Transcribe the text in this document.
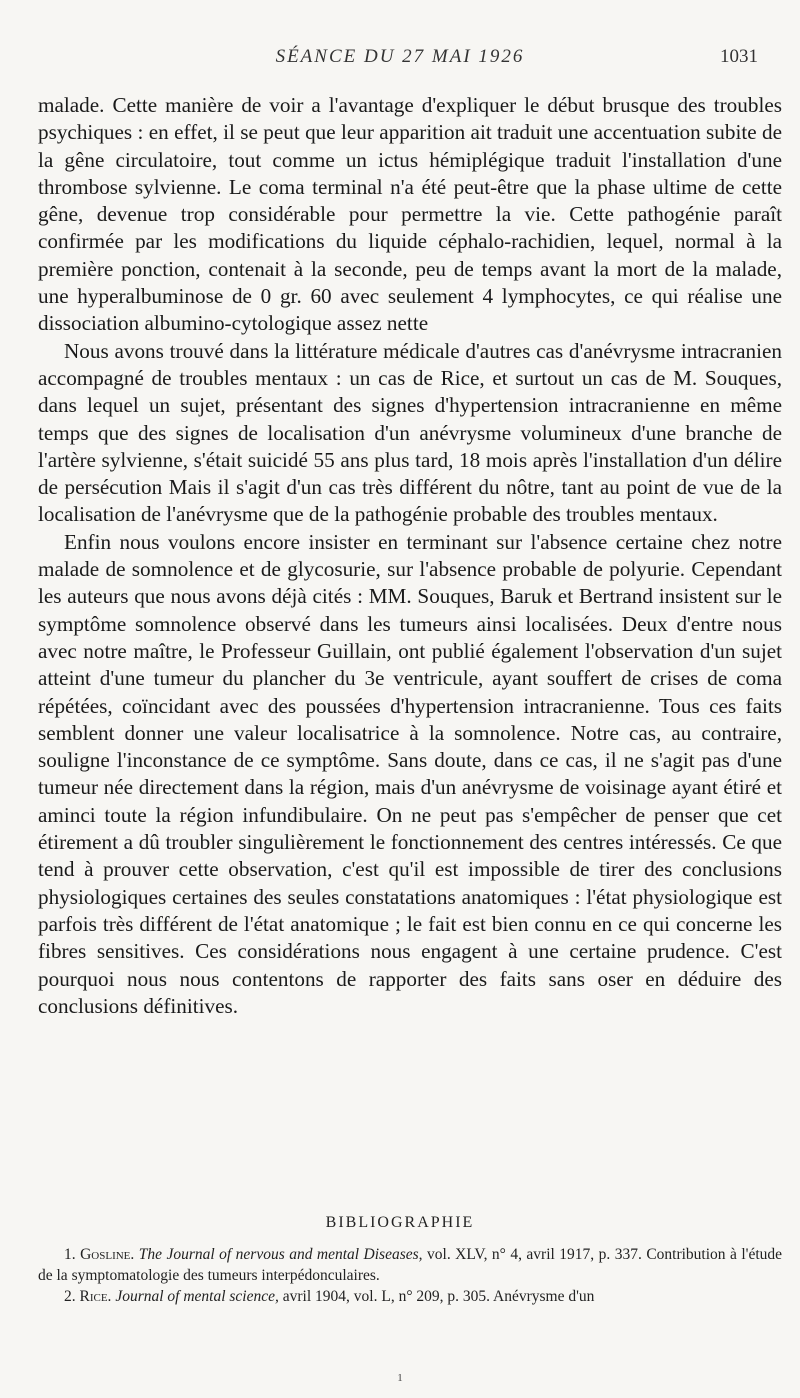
SÉANCE DU 27 MAI 1926	1031

malade. Cette manière de voir a l'avantage d'expliquer le début brusque des troubles psychiques : en effet, il se peut que leur apparition ait traduit une accentuation subite de la gêne circulatoire, tout comme un ictus hémiplégique traduit l'installation d'une thrombose sylvienne. Le coma terminal n'a été peut-être que la phase ultime de cette gêne, devenue trop considérable pour permettre la vie. Cette pathogénie paraît confirmée par les modifications du liquide céphalo-rachidien, lequel, normal à la première ponction, contenait à la seconde, peu de temps avant la mort de la malade, une hyperalbuminose de 0 gr. 60 avec seulement 4 lymphocytes, ce qui réalise une dissociation albumino-cytologique assez nette

Nous avons trouvé dans la littérature médicale d'autres cas d'anévrysme intracranien accompagné de troubles mentaux : un cas de Rice, et surtout un cas de M. Souques, dans lequel un sujet, présentant des signes d'hypertension intracranienne en même temps que des signes de localisation d'un anévrysme volumineux d'une branche de l'artère sylvienne, s'était suicidé 55 ans plus tard, 18 mois après l'installation d'un délire de persécution Mais il s'agit d'un cas très différent du nôtre, tant au point de vue de la localisation de l'anévrysme que de la pathogénie probable des troubles mentaux.

Enfin nous voulons encore insister en terminant sur l'absence certaine chez notre malade de somnolence et de glycosurie, sur l'absence probable de polyurie. Cependant les auteurs que nous avons déjà cités : MM. Souques, Baruk et Bertrand insistent sur le symptôme somnolence observé dans les tumeurs ainsi localisées. Deux d'entre nous avec notre maître, le Professeur Guillain, ont publié également l'observation d'un sujet atteint d'une tumeur du plancher du 3e ventricule, ayant souffert de crises de coma répétées, coïncidant avec des poussées d'hypertension intracranienne. Tous ces faits semblent donner une valeur localisatrice à la somnolence. Notre cas, au contraire, souligne l'inconstance de ce symptôme. Sans doute, dans ce cas, il ne s'agit pas d'une tumeur née directement dans la région, mais d'un anévrysme de voisinage ayant étiré et aminci toute la région infundibulaire. On ne peut pas s'empêcher de penser que cet étirement a dû troubler singulièrement le fonctionnement des centres intéressés. Ce que tend à prouver cette observation, c'est qu'il est impossible de tirer des conclusions physiologiques certaines des seules constatations anatomiques : l'état physiologique est parfois très différent de l'état anatomique ; le fait est bien connu en ce qui concerne les fibres sensitives. Ces considérations nous engagent à une certaine prudence. C'est pourquoi nous nous contentons de rapporter des faits sans oser en déduire des conclusions définitives.

BIBLIOGRAPHIE

1. Gosline. The Journal of nervous and mental Diseases, vol. XLV, n° 4, avril 1917, p. 337. Contribution à l'étude de la symptomatologie des tumeurs interpédonculaires.

2. Rice. Journal of mental science, avril 1904, vol. L, n° 209, p. 305. Anévrysme d'un

1
